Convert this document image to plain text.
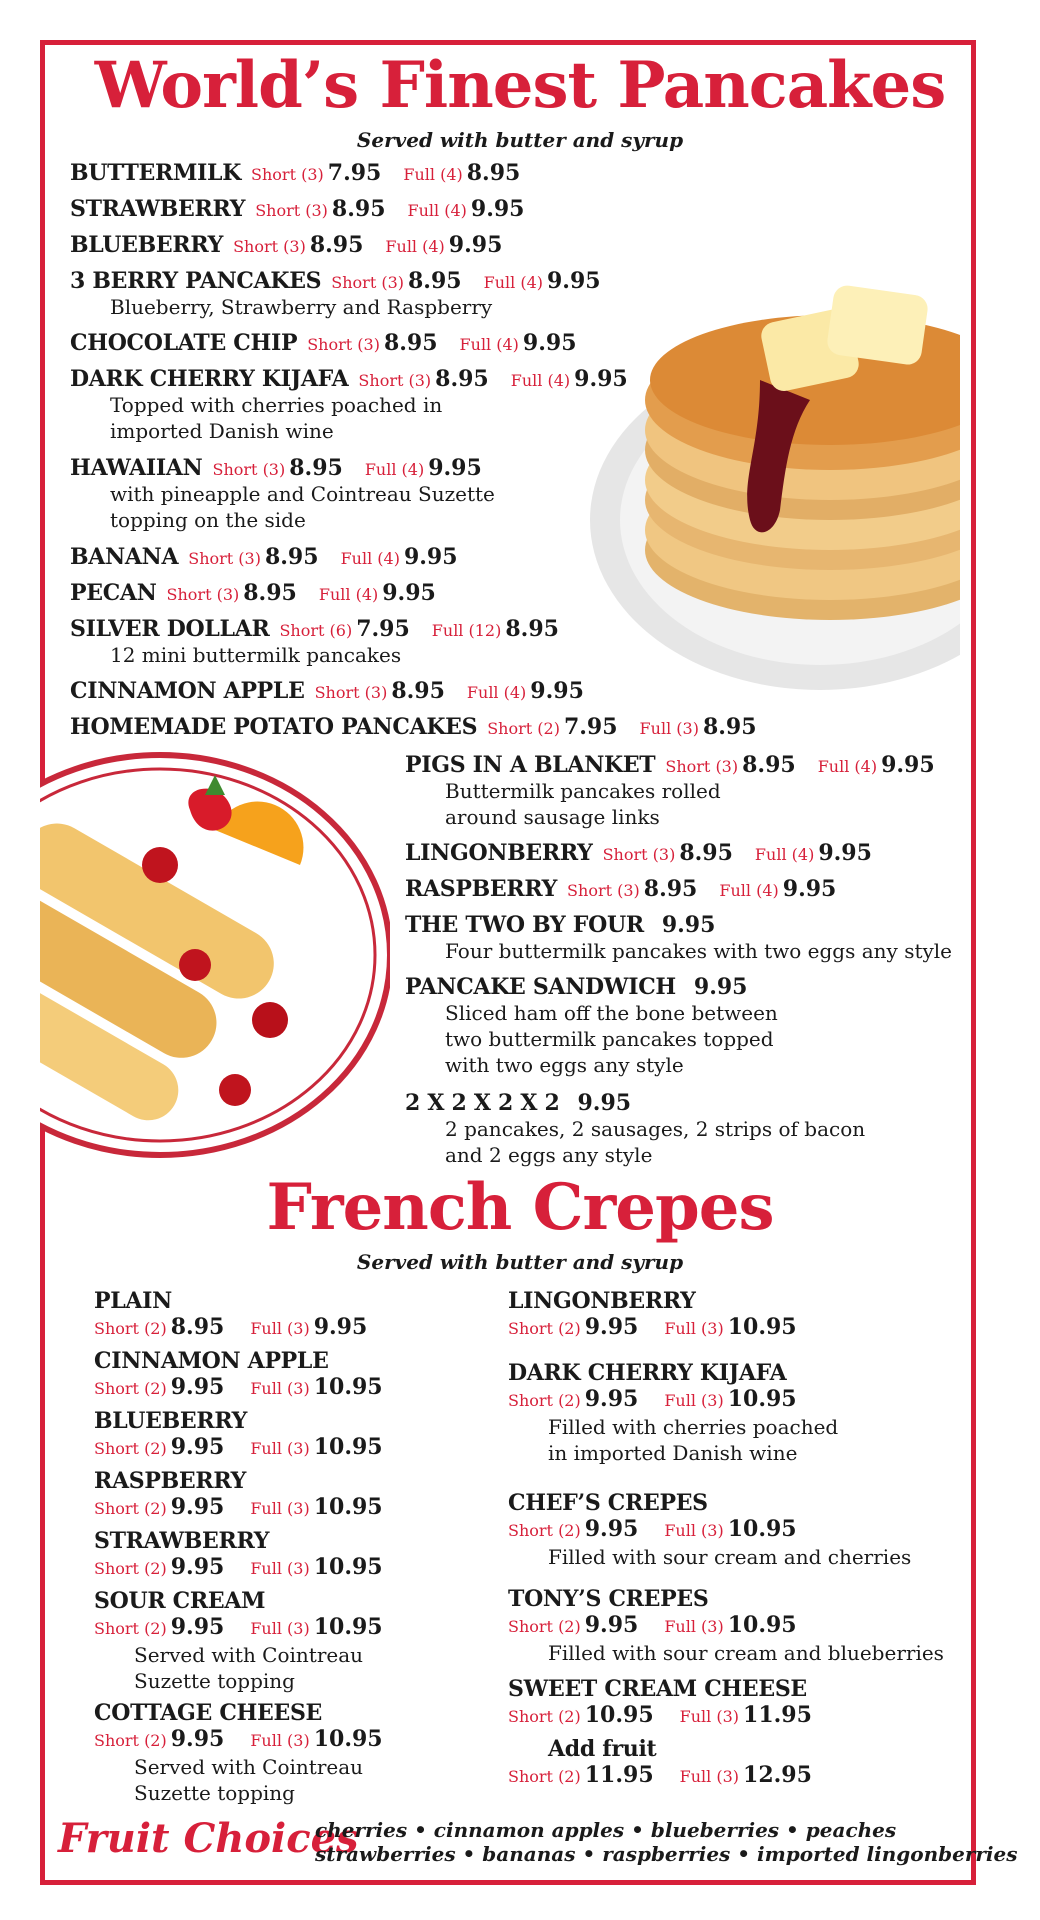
World’s Finest Pancakes
Served with butter and syrup
BUTTERMILK Short (3) 7.95 Full (4) 8.95
STRAWBERRY Short (3) 8.95 Full (4) 9.95
BLUEBERRY Short (3) 8.95 Full (4) 9.95
3 BERRY PANCAKES Short (3) 8.95 Full (4) 9.95
Blueberry, Strawberry and Raspberry
CHOCOLATE CHIP Short (3) 8.95 Full (4) 9.95
DARK CHERRY KIJAFA Short (3) 8.95 Full (4) 9.95
Topped with cherries poached in
imported Danish wine
HAWAIIAN Short (3) 8.95 Full (4) 9.95
with pineapple and Cointreau Suzette
topping on the side
BANANA Short (3) 8.95 Full (4) 9.95
PECAN Short (3) 8.95 Full (4) 9.95
SILVER DOLLAR Short (6) 7.95 Full (12) 8.95
12 mini buttermilk pancakes
CINNAMON APPLE Short (3) 8.95 Full (4) 9.95
HOMEMADE POTATO PANCAKES Short (2) 7.95 Full (3) 8.95
PIGS IN A BLANKET Short (3) 8.95 Full (4) 9.95
Buttermilk pancakes rolled
around sausage links
LINGONBERRY Short (3) 8.95 Full (4) 9.95
RASPBERRY Short (3) 8.95 Full (4) 9.95
THE TWO BY FOUR 9.95
Four buttermilk pancakes with two eggs any style
PANCAKE SANDWICH 9.95
Sliced ham off the bone between
two buttermilk pancakes topped
with two eggs any style
2 X 2 X 2 X 2 9.95
2 pancakes, 2 sausages, 2 strips of bacon
and 2 eggs any style
French Crepes
Served with butter and syrup
PLAIN
Short (2) 8.95 Full (3) 9.95
CINNAMON APPLE
Short (2) 9.95 Full (3) 10.95
BLUEBERRY
Short (2) 9.95 Full (3) 10.95
RASPBERRY
Short (2) 9.95 Full (3) 10.95
STRAWBERRY
Short (2) 9.95 Full (3) 10.95
SOUR CREAM
Short (2) 9.95 Full (3) 10.95
Served with Cointreau
Suzette topping
COTTAGE CHEESE
Short (2) 9.95 Full (3) 10.95
Served with Cointreau
Suzette topping
LINGONBERRY
Short (2) 9.95 Full (3) 10.95
DARK CHERRY KIJAFA
Short (2) 9.95 Full (3) 10.95
Filled with cherries poached
in imported Danish wine
CHEF’S CREPES
Short (2) 9.95 Full (3) 10.95
Filled with sour cream and cherries
TONY’S CREPES
Short (2) 9.95 Full (3) 10.95
Filled with sour cream and blueberries
SWEET CREAM CHEESE
Short (2) 10.95 Full (3) 11.95
Add fruit
Short (2) 11.95 Full (3) 12.95
Fruit Choices
cherries • cinnamon apples • blueberries • peaches
strawberries • bananas • raspberries • imported lingonberries
